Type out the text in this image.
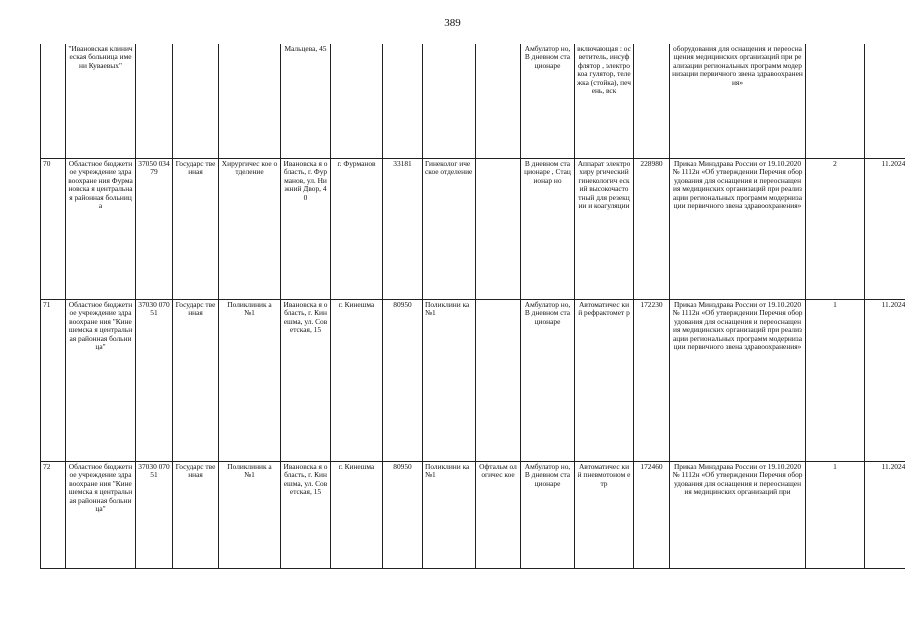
389
	"Ивановская клиническая больница имени Куваевых"				Мальцева, 45					Амбулатор но, В дневном стационаре	включающая : осветитель, инсуффлятор , электрокоа гулятор, тележка (стойка), печень, вск		оборудования для оснащения и переоснащения медицинских организаций при реализации региональных программ модернизации первичного звена здравоохранения»		
70	Областное бюджетное учреждение здравоохране ния Фурмановска я центральная районная больница	37050 03479	Государс твенная	Хирургичес кое отделение	Ивановска я область, г. Фурманов, ул. Нижний Двор, 40	г. Фурманов	33181	Гинеколог ическое отделение		В дневном стационаре , Стационар но	Аппарат электрохиру ргический гинекологич еский высокочасто тный для резекции и коагуляции	228980	Приказ Минздрава России от 19.10.2020 № 1112н «Об утверждении Перечня оборудования для оснащения и переоснащения медицинских организаций при реализации региональных программ модернизации первичного звена здравоохранения»	2	11.2024
71	Областное бюджетное учреждение здравоохране ния "Кинешемска я центральная районная больница"	37030 07051	Государс твенная	Поликлиник а №1	Ивановска я область, г. Кинешма, ул. Советская, 15	г. Кинешма	80950	Поликлини ка №1		Амбулатор но, В дневном стационаре	Автоматичес кий рефрактомет р	172230	Приказ Минздрава России от 19.10.2020 № 1112н «Об утверждении Перечня оборудования для оснащения и переоснащения медицинских организаций при реализации региональных программ модернизации первичного звена здравоохранения»	1	11.2024
72	Областное бюджетное учреждение здравоохране ния "Кинешемска я центральная районная больница"	37030 07051	Государс твенная	Поликлиник а №1	Ивановска я область, г. Кинешма, ул. Советская, 15	г. Кинешма	80950	Поликлини ка №1	Офтальм ологичес кое	Амбулатор но, В дневном стационаре	Автоматичес кий пневмотоном етр	172460	Приказ Минздрава России от 19.10.2020 № 1112н «Об утверждении Перечня оборудования для оснащения и переоснащения медицинских организаций при	1	11.2024
